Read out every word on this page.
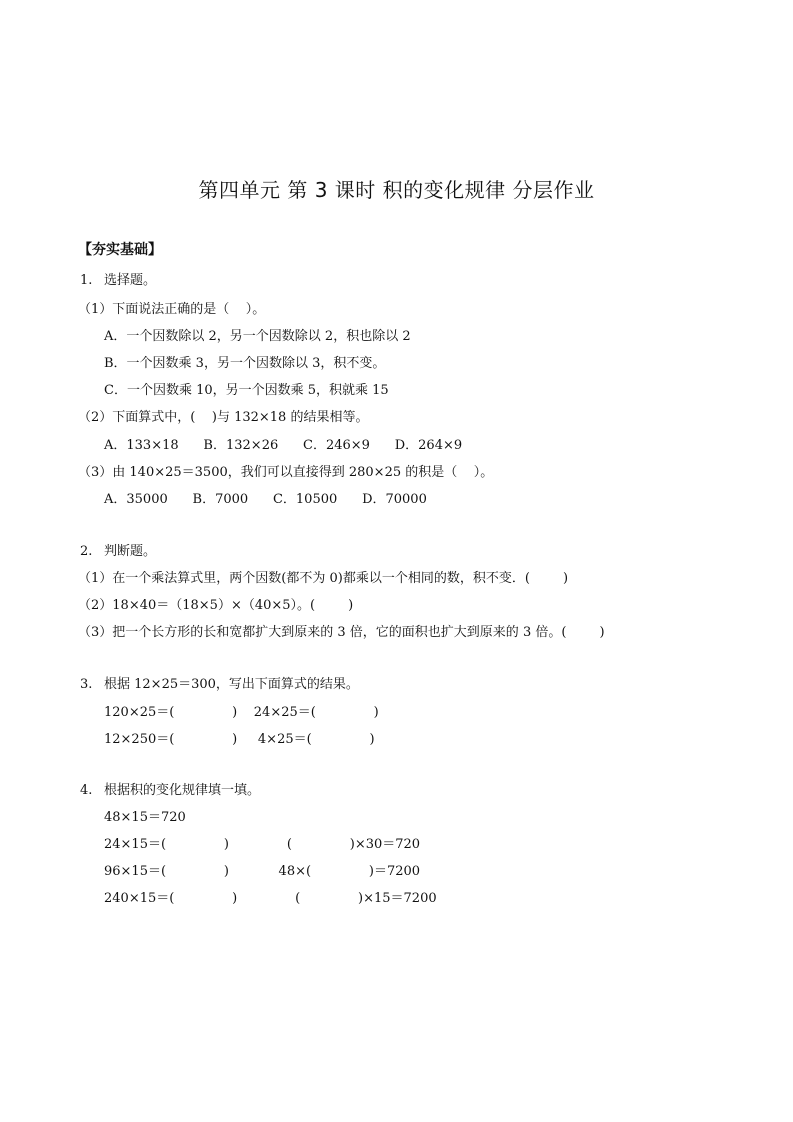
第四单元 第 3 课时 积的变化规律 分层作业
【夯实基础】
1. 选择题。
（1）下面说法正确的是（    ）。
A．一个因数除以 2，另一个因数除以 2，积也除以 2
B．一个因数乘 3，另一个因数除以 3，积不变。
C．一个因数乘 10，另一个因数乘 5，积就乘 15
（2）下面算式中，(    )与 132×18 的结果相等。
A．133×18      B．132×26      C．246×9      D．264×9
（3）由 140×25＝3500，我们可以直接得到 280×25 的积是（    ）。
A．35000      B．7000      C．10500      D．70000
2. 判断题。
（1）在一个乘法算式里，两个因数(都不为 0)都乘以一个相同的数，积不变．(        )
（2）18×40＝（18×5）×（40×5）。(        )
（3）把一个长方形的长和宽都扩大到原来的 3 倍，它的面积也扩大到原来的 3 倍。(        )
3. 根据 12×25＝300，写出下面算式的结果。
120×25＝(              )    24×25＝(              )
12×250＝(              )     4×25＝(              )
4. 根据积的变化规律填一填。
48×15＝720
24×15＝(              )              (              )×30＝720
96×15＝(              )            48×(              )＝7200
240×15＝(              )              (              )×15＝7200
